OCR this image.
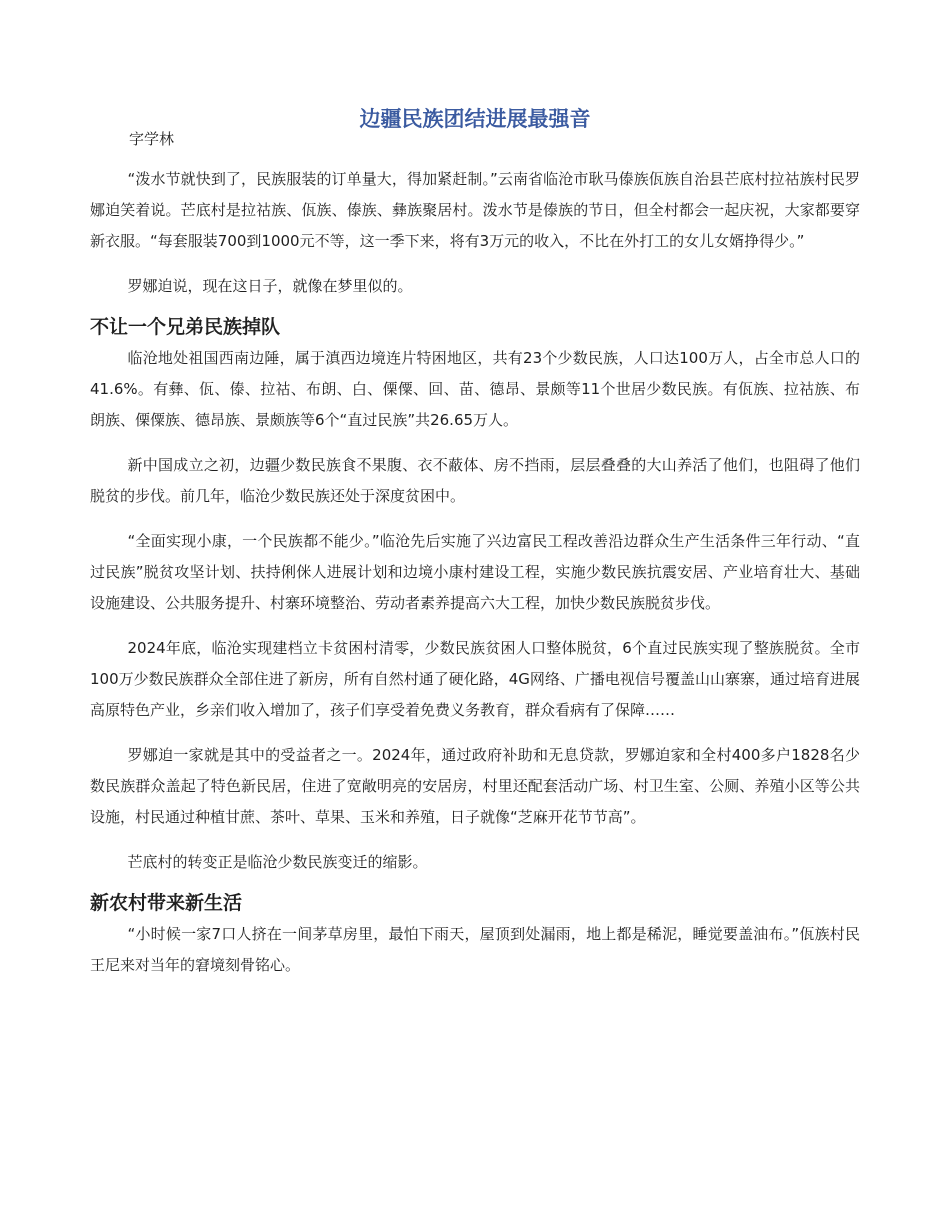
边疆民族团结进展最强音

字学林

“泼水节就快到了，民族服装的订单量大，得加紧赶制。”云南省临沧市耿马傣族佤族自治县芒底村拉祜族村民罗娜迫笑着说。芒底村是拉祜族、佤族、傣族、彝族聚居村。泼水节是傣族的节日，但全村都会一起庆祝，大家都要穿新衣服。“每套服装700到1000元不等，这一季下来，将有3万元的收入，不比在外打工的女儿女婿挣得少。”

罗娜迫说，现在这日子，就像在梦里似的。

不让一个兄弟民族掉队

临沧地处祖国西南边陲，属于滇西边境连片特困地区，共有23个少数民族，人口达100万人，占全市总人口的41.6%。有彝、佤、傣、拉祜、布朗、白、傈僳、回、苗、德昂、景颇等11个世居少数民族。有佤族、拉祜族、布朗族、傈僳族、德昂族、景颇族等6个“直过民族”共26.65万人。

新中国成立之初，边疆少数民族食不果腹、衣不蔽体、房不挡雨，层层叠叠的大山养活了他们，也阻碍了他们脱贫的步伐。前几年，临沧少数民族还处于深度贫困中。

“全面实现小康，一个民族都不能少。”临沧先后实施了兴边富民工程改善沿边群众生产生活条件三年行动、“直过民族”脱贫攻坚计划、扶持俐侎人进展计划和边境小康村建设工程，实施少数民族抗震安居、产业培育壮大、基础设施建设、公共服务提升、村寨环境整治、劳动者素养提高六大工程，加快少数民族脱贫步伐。

2024年底，临沧实现建档立卡贫困村清零，少数民族贫困人口整体脱贫，6个直过民族实现了整族脱贫。全市100万少数民族群众全部住进了新房，所有自然村通了硬化路，4G网络、广播电视信号覆盖山山寨寨，通过培育进展高原特色产业，乡亲们收入增加了，孩子们享受着免费义务教育，群众看病有了保障……

罗娜迫一家就是其中的受益者之一。2024年，通过政府补助和无息贷款，罗娜迫家和全村400多户1828名少数民族群众盖起了特色新民居，住进了宽敞明亮的安居房，村里还配套活动广场、村卫生室、公厕、养殖小区等公共设施，村民通过种植甘蔗、茶叶、草果、玉米和养殖，日子就像“芝麻开花节节高”。

芒底村的转变正是临沧少数民族变迁的缩影。

新农村带来新生活

“小时候一家7口人挤在一间茅草房里，最怕下雨天，屋顶到处漏雨，地上都是稀泥，睡觉要盖油布。”佤族村民王尼来对当年的窘境刻骨铭心。
